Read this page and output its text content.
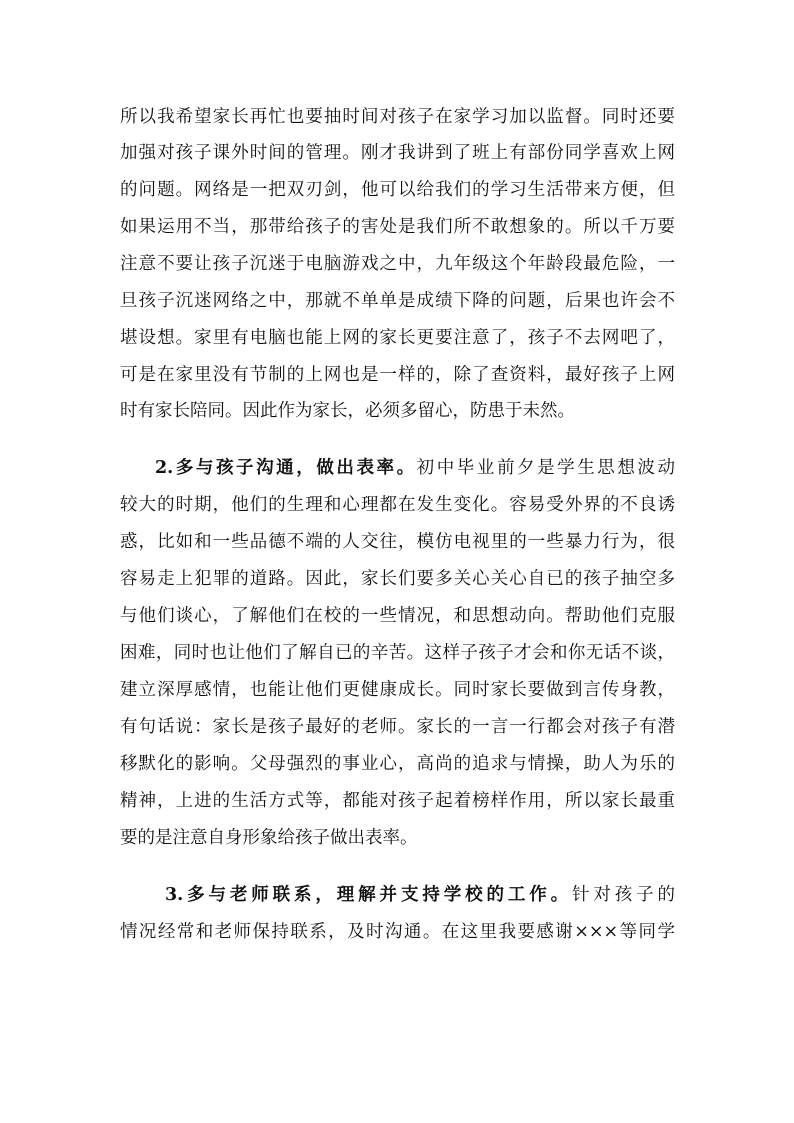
所以我希望家长再忙也要抽时间对孩子在家学习加以监督。同时还要
加强对孩子课外时间的管理。刚才我讲到了班上有部份同学喜欢上网
的问题。网络是一把双刃剑，他可以给我们的学习生活带来方便，但
如果运用不当，那带给孩子的害处是我们所不敢想象的。所以千万要
注意不要让孩子沉迷于电脑游戏之中，九年级这个年龄段最危险，一
旦孩子沉迷网络之中，那就不单单是成绩下降的问题，后果也许会不
堪设想。家里有电脑也能上网的家长更要注意了，孩子不去网吧了，
可是在家里没有节制的上网也是一样的，除了查资料，最好孩子上网
时有家长陪同。因此作为家长，必须多留心，防患于未然。
2.多与孩子沟通，做出表率。初中毕业前夕是学生思想波动
较大的时期，他们的生理和心理都在发生变化。容易受外界的不良诱
惑，比如和一些品德不端的人交往，模仿电视里的一些暴力行为，很
容易走上犯罪的道路。因此，家长们要多关心关心自已的孩子抽空多
与他们谈心，了解他们在校的一些情况，和思想动向。帮助他们克服
困难，同时也让他们了解自已的辛苦。这样子孩子才会和你无话不谈，
建立深厚感情，也能让他们更健康成长。同时家长要做到言传身教，
有句话说：家长是孩子最好的老师。家长的一言一行都会对孩子有潜
移默化的影响。父母强烈的事业心，高尚的追求与情操，助人为乐的
精神，上进的生活方式等，都能对孩子起着榜样作用，所以家长最重
要的是注意自身形象给孩子做出表率。
3.多与老师联系，理解并支持学校的工作。针对孩子的
情况经常和老师保持联系，及时沟通。在这里我要感谢×××等同学
